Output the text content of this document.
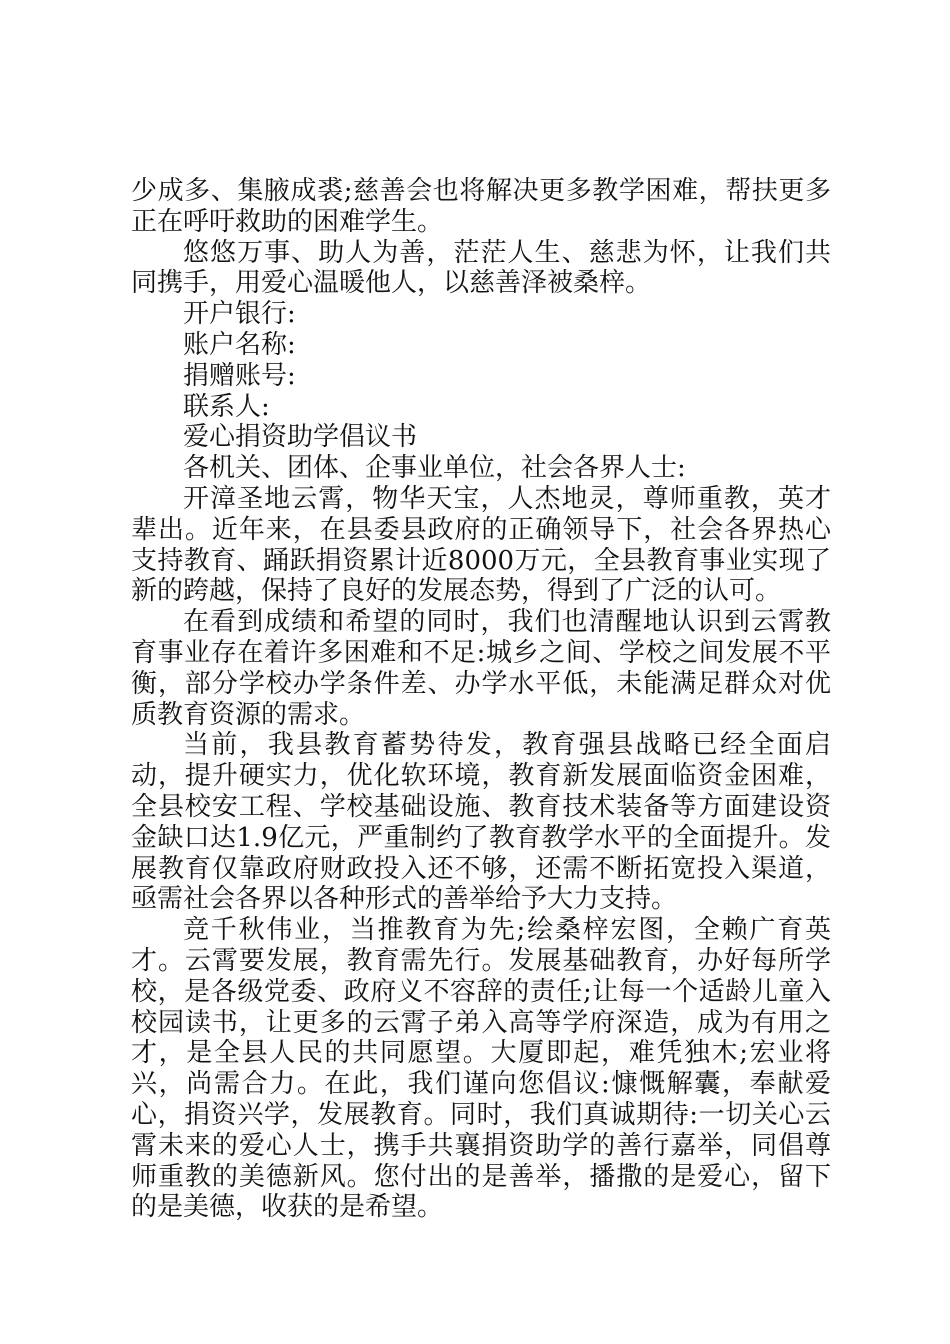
少成多、集腋成裘;慈善会也将解决更多教学困难，帮扶更多正在呼吁救助的困难学生。

悠悠万事、助人为善，茫茫人生、慈悲为怀，让我们共同携手，用爱心温暖他人，以慈善泽被桑梓。

开户银行:

账户名称:

捐赠账号:

联系人:

爱心捐资助学倡议书

各机关、团体、企事业单位，社会各界人士:

开漳圣地云霄，物华天宝，人杰地灵，尊师重教，英才辈出。近年来，在县委县政府的正确领导下，社会各界热心支持教育、踊跃捐资累计近8000万元，全县教育事业实现了新的跨越，保持了良好的发展态势，得到了广泛的认可。

在看到成绩和希望的同时，我们也清醒地认识到云霄教育事业存在着许多困难和不足:城乡之间、学校之间发展不平衡，部分学校办学条件差、办学水平低，未能满足群众对优质教育资源的需求。

当前，我县教育蓄势待发，教育强县战略已经全面启动，提升硬实力，优化软环境，教育新发展面临资金困难，全县校安工程、学校基础设施、教育技术装备等方面建设资金缺口达1.9亿元，严重制约了教育教学水平的全面提升。发展教育仅靠政府财政投入还不够，还需不断拓宽投入渠道，亟需社会各界以各种形式的善举给予大力支持。

竞千秋伟业，当推教育为先;绘桑梓宏图，全赖广育英才。云霄要发展，教育需先行。发展基础教育，办好每所学校，是各级党委、政府义不容辞的责任;让每一个适龄儿童入校园读书，让更多的云霄子弟入高等学府深造，成为有用之才，是全县人民的共同愿望。大厦即起，难凭独木;宏业将兴，尚需合力。在此，我们谨向您倡议:慷慨解囊，奉献爱心，捐资兴学，发展教育。同时，我们真诚期待:一切关心云霄未来的爱心人士，携手共襄捐资助学的善行嘉举，同倡尊师重教的美德新风。您付出的是善举，播撒的是爱心，留下的是美德，收获的是希望。
